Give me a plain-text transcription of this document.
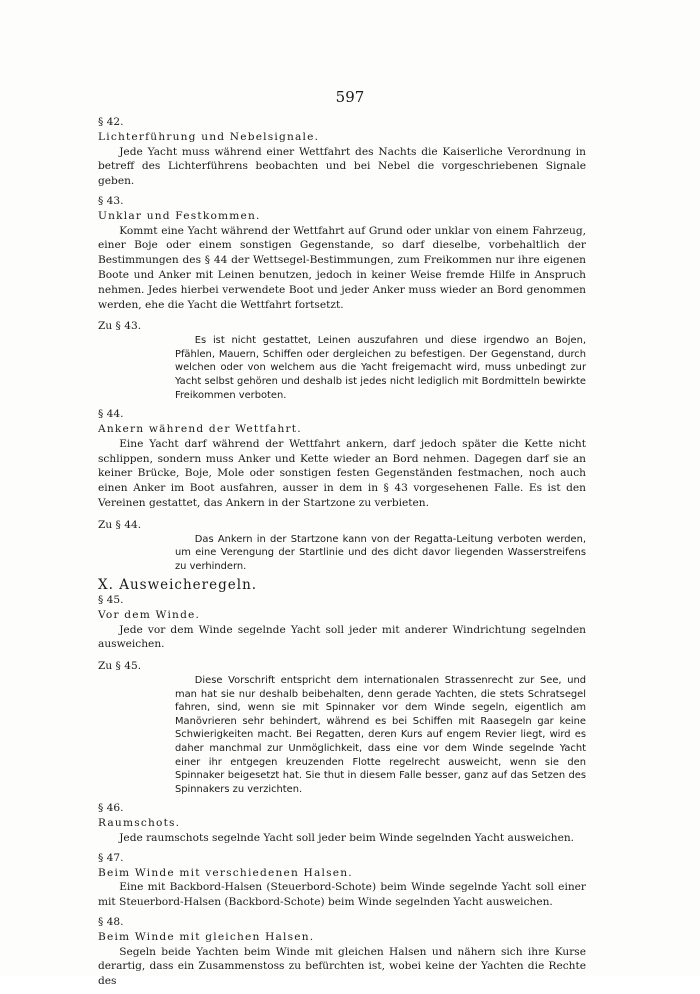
597

§ 42.

Lichterführung und Nebelsignale.

Jede Yacht muss während einer Wettfahrt des Nachts die Kaiserliche Verordnung in betreff des Lichterführens beobachten und bei Nebel die vorgeschriebenen Signale geben.

§ 43.

Unklar und Festkommen.

Kommt eine Yacht während der Wettfahrt auf Grund oder unklar von einem Fahrzeug, einer Boje oder einem sonstigen Gegenstande, so darf dieselbe, vorbehaltlich der Bestimmungen des § 44 der Wettsegel-Bestimmungen, zum Freikommen nur ihre eigenen Boote und Anker mit Leinen benutzen, jedoch in keiner Weise fremde Hilfe in Anspruch nehmen. Jedes hierbei verwendete Boot und jeder Anker muss wieder an Bord genommen werden, ehe die Yacht die Wettfahrt fortsetzt.

Zu § 43.

Es ist nicht gestattet, Leinen auszufahren und diese irgendwo an Bojen, Pfählen, Mauern, Schiffen oder dergleichen zu befestigen. Der Gegenstand, durch welchen oder von welchem aus die Yacht freigemacht wird, muss unbedingt zur Yacht selbst gehören und deshalb ist jedes nicht lediglich mit Bordmitteln bewirkte Freikommen verboten.

§ 44.

Ankern während der Wettfahrt.

Eine Yacht darf während der Wettfahrt ankern, darf jedoch später die Kette nicht schlippen, sondern muss Anker und Kette wieder an Bord nehmen. Dagegen darf sie an keiner Brücke, Boje, Mole oder sonstigen festen Gegenständen festmachen, noch auch einen Anker im Boot ausfahren, ausser in dem in § 43 vorgesehenen Falle. Es ist den Vereinen gestattet, das Ankern in der Startzone zu verbieten.

Zu § 44.

Das Ankern in der Startzone kann von der Regatta-Leitung verboten werden, um eine Verengung der Startlinie und des dicht davor liegenden Wasserstreifens zu verhindern.

X. Ausweicheregeln.

§ 45.

Vor dem Winde.

Jede vor dem Winde segelnde Yacht soll jeder mit anderer Windrichtung segelnden ausweichen.

Zu § 45.

Diese Vorschrift entspricht dem internationalen Strassenrecht zur See, und man hat sie nur deshalb beibehalten, denn gerade Yachten, die stets Schratsegel fahren, sind, wenn sie mit Spinnaker vor dem Winde segeln, eigentlich am Manövrieren sehr behindert, während es bei Schiffen mit Raasegeln gar keine Schwierigkeiten macht. Bei Regatten, deren Kurs auf engem Revier liegt, wird es daher manchmal zur Unmöglichkeit, dass eine vor dem Winde segelnde Yacht einer ihr entgegen kreuzenden Flotte regelrecht ausweicht, wenn sie den Spinnaker beigesetzt hat. Sie thut in diesem Falle besser, ganz auf das Setzen des Spinnakers zu verzichten.

§ 46.

Raumschots.

Jede raumschots segelnde Yacht soll jeder beim Winde segelnden Yacht ausweichen.

§ 47.

Beim Winde mit verschiedenen Halsen.

Eine mit Backbord-Halsen (Steuerbord-Schote) beim Winde segelnde Yacht soll einer mit Steuerbord-Halsen (Backbord-Schote) beim Winde segelnden Yacht ausweichen.

§ 48.

Beim Winde mit gleichen Halsen.

Segeln beide Yachten beim Winde mit gleichen Halsen und nähern sich ihre Kurse derartig, dass ein Zusammenstoss zu befürchten ist, wobei keine der Yachten die Rechte des
